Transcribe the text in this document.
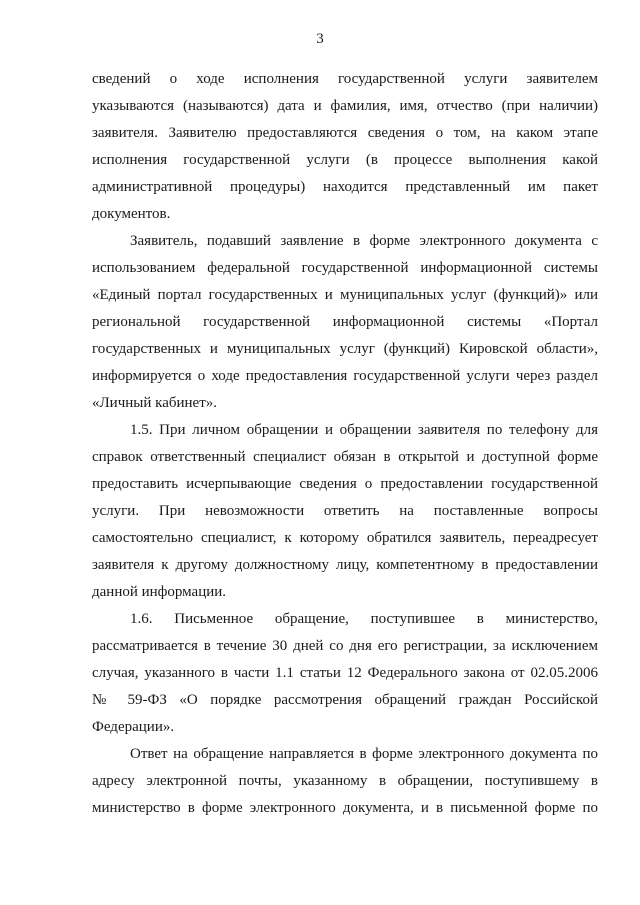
3
сведений о ходе исполнения государственной услуги заявителем
указываются (называются) дата и фамилия, имя, отчество (при наличии)
заявителя. Заявителю предоставляются сведения о том, на каком этапе
исполнения государственной услуги (в процессе выполнения какой
административной процедуры) находится представленный им пакет
документов.
Заявитель, подавший заявление в форме электронного документа с
использованием федеральной государственной информационной системы
«Единый портал государственных и муниципальных услуг (функций)» или
региональной государственной информационной системы «Портал
государственных и муниципальных услуг (функций) Кировской области»,
информируется о ходе предоставления государственной услуги через раздел
«Личный кабинет».
1.5. При личном обращении и обращении заявителя по телефону для
справок ответственный специалист обязан в открытой и доступной форме
предоставить исчерпывающие сведения о предоставлении государственной
услуги. При невозможности ответить на поставленные вопросы
самостоятельно специалист, к которому обратился заявитель, переадресует
заявителя к другому должностному лицу, компетентному в предоставлении
данной информации.
1.6. Письменное обращение, поступившее в министерство,
рассматривается в течение 30 дней со дня его регистрации, за исключением
случая, указанного в части 1.1 статьи 12 Федерального закона от 02.05.2006
№ 59-ФЗ «О порядке рассмотрения обращений граждан Российской
Федерации».
Ответ на обращение направляется в форме электронного документа по
адресу электронной почты, указанному в обращении, поступившему в
министерство в форме электронного документа, и в письменной форме по
